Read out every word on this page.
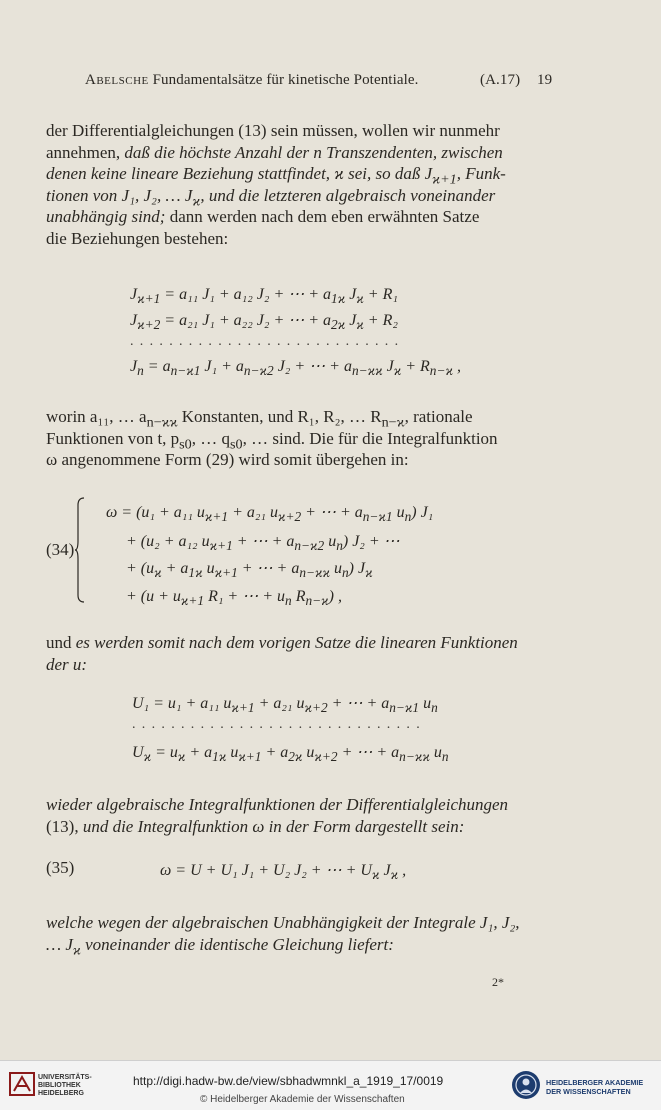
Abelsche Fundamentalsätze für kinetische Potentiale.	(A.17) 19
der Differentialgleichungen (13) sein müssen, wollen wir nunmehr
annehmen, daß die höchste Anzahl der n Transzendenten, zwischen
denen keine lineare Beziehung stattfindet, ϰ sei, so daß $J_{ϰ+1}$, Funk-
tionen von J₁, J₂, … $J_ϰ$, und die letzteren algebraisch voneinander
unabhängig sind; dann werden nach dem eben erwähnten Satze
die Beziehungen bestehen:
$J_{ϰ+1} = a_{11}$ J₁ + a₁₂ J₂ + ⋯ + $a_{1ϰ}$ $J_ϰ + R_1$
$J_{ϰ+2} = a_{21}$ J₁ + a₂₂ J₂ + ⋯ + $a_{2ϰ}$ $J_ϰ + R_2$
............................
$J_n = a_{n-ϰ1}$ $J_1 + a_{n-ϰ2}$ J₂ + ⋯ + $a_{n-ϰϰ}$ $J_ϰ + R_{n-ϰ}$ ,
worin a₁₁, … $a_{n-ϰϰ}$ Konstanten, und R₁, R₂, … $R_{n-ϰ}$, rationale
Funktionen von t, $p_{s0}$, … $q_{s0}$, … sind. Die für die Integralfunktion
ω angenommene Form (29) wird somit übergehen in:
(34)
ω = (u₁ + a₁₁ $u_{ϰ+1} + a_{21}$ $u_{ϰ+2}$ + ⋯ + $a_{n-ϰ1}$ $u_n$) J₁
+ (u₂ + a₁₂ $u_{ϰ+1}$ + ⋯ + $a_{n-ϰ2}$ $u_n$) J₂ + ⋯
+ ($u_ϰ + a_{1ϰ}$ $u_{ϰ+1}$ + ⋯ + $a_{n-ϰϰ}$ $u_n$) $J_ϰ$
+ ($u + u_{ϰ+1}$ R₁ + ⋯ + $u_n$ $R_{n-ϰ}$) ,
und es werden somit nach dem vorigen Satze die linearen Funktionen
der u:
U₁ = u₁ + a₁₁ $u_{ϰ+1} + a_{21}$ $u_{ϰ+2}$ + ⋯ + $a_{n-ϰ1}$ $u_n$
..............................
$U_ϰ = u_ϰ + a_{1ϰ}$ $u_{ϰ+1} + a_{2ϰ}$ $u_{ϰ+2}$ + ⋯ + $a_{n-ϰϰ}$ $u_n$
wieder algebraische Integralfunktionen der Differentialgleichungen
(13), und die Integralfunktion ω in der Form dargestellt sein:
(35)	ω = U + U₁ J₁ + U₂ J₂ + ⋯ + $U_ϰ$ $J_ϰ$ ,
welche wegen der algebraischen Unabhängigkeit der Integrale J₁, J₂,
… $J_ϰ$ voneinander die identische Gleichung liefert:
2*
UNIVERSITÄTS-
BIBLIOTHEK
HEIDELBERG
http://digi.hadw-bw.de/view/sbhadwmnkl_a_1919_17/0019
© Heidelberger Akademie der Wissenschaften
HEIDELBERGER AKADEMIE
DER WISSENSCHAFTEN
